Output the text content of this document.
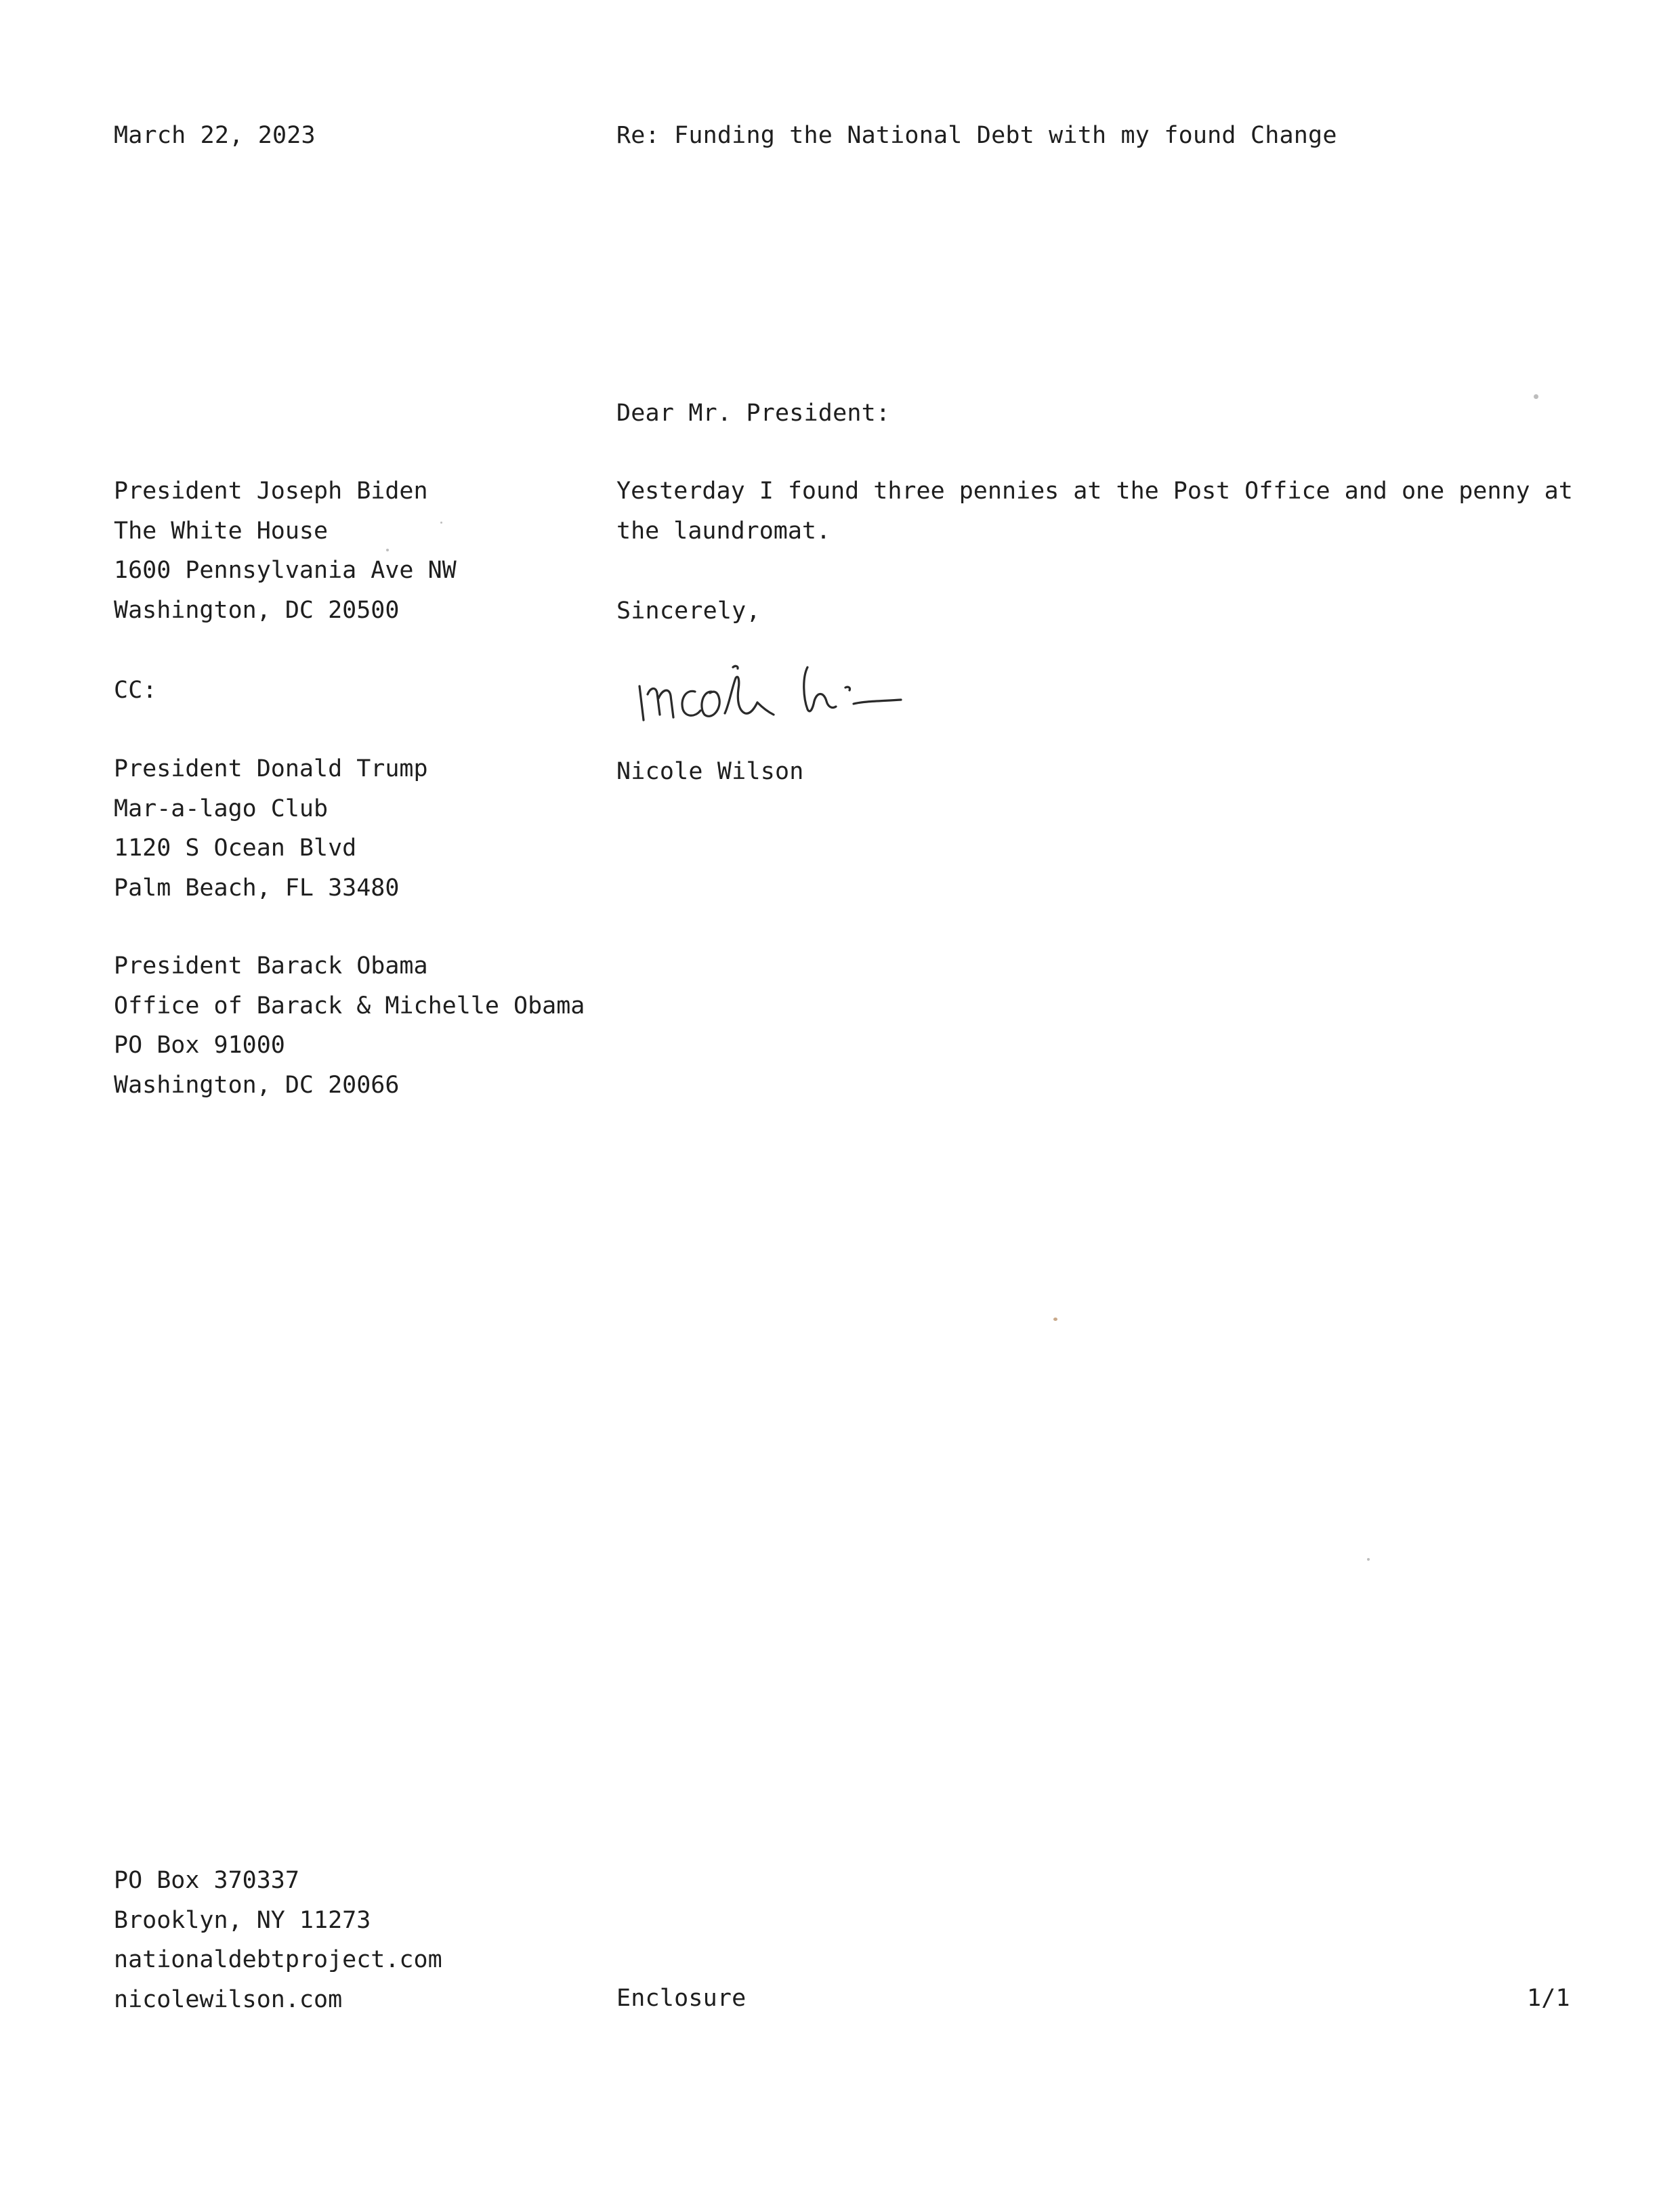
March 22, 2023	Re: Funding the National Debt with my found Change
Dear Mr. President:
President Joseph Biden
The White House
1600 Pennsylvania Ave NW
Washington, DC 20500
Yesterday I found three pennies at the Post Office and one penny at
the laundromat.
Sincerely,
CC:
Nicole Wilson
President Donald Trump
Mar-a-lago Club
1120 S Ocean Blvd
Palm Beach, FL 33480
President Barack Obama
Office of Barack & Michelle Obama
PO Box 91000
Washington, DC 20066
PO Box 370337
Brooklyn, NY 11273
nationaldebtproject.com
nicolewilson.com	Enclosure	1/1
